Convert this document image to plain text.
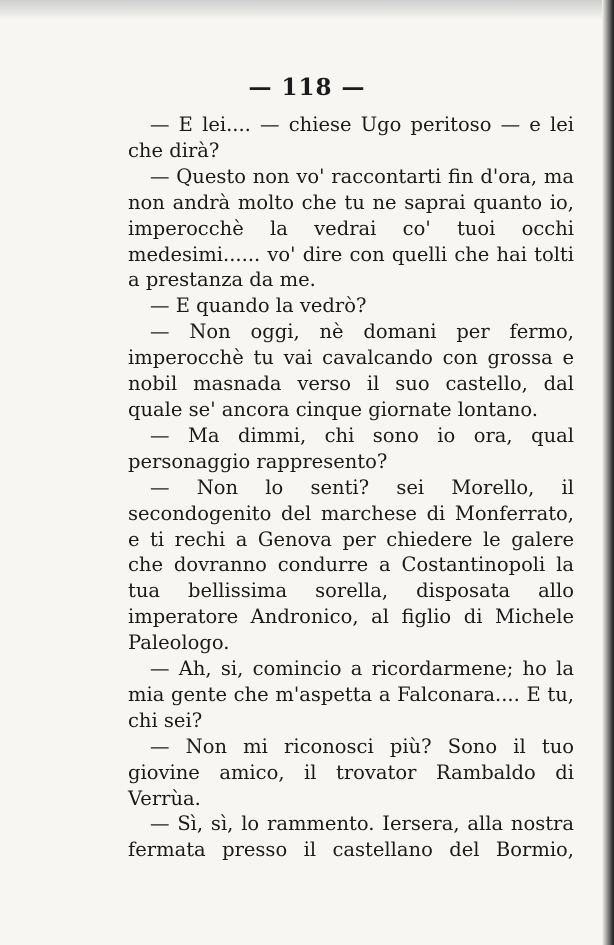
— 118 —

— E lei.... — chiese Ugo peritoso — e lei che dirà?

— Questo non vo' raccontarti fin d'ora, ma non andrà molto che tu ne saprai quanto io, imperocchè la vedrai co' tuoi occhi medesimi...... vo' dire con quelli che hai tolti a prestanza da me.

— E quando la vedrò?

— Non oggi, nè domani per fermo, imperocchè tu vai cavalcando con grossa e nobil masnada verso il suo castello, dal quale se' ancora cinque giornate lontano.

— Ma dimmi, chi sono io ora, qual personaggio rappresento?

— Non lo senti? sei Morello, il secondogenito del marchese di Monferrato, e ti rechi a Genova per chiedere le galere che dovranno condurre a Costantinopoli la tua bellissima sorella, disposata allo imperatore Andronico, al figlio di Michele Paleologo.

— Ah, si, comincio a ricordarmene; ho la mia gente che m'aspetta a Falconara.... E tu, chi sei?

— Non mi riconosci più? Sono il tuo giovine amico, il trovator Rambaldo di Verrùa.

— Sì, sì, lo rammento. Iersera, alla nostra fermata presso il castellano del Bormio,
